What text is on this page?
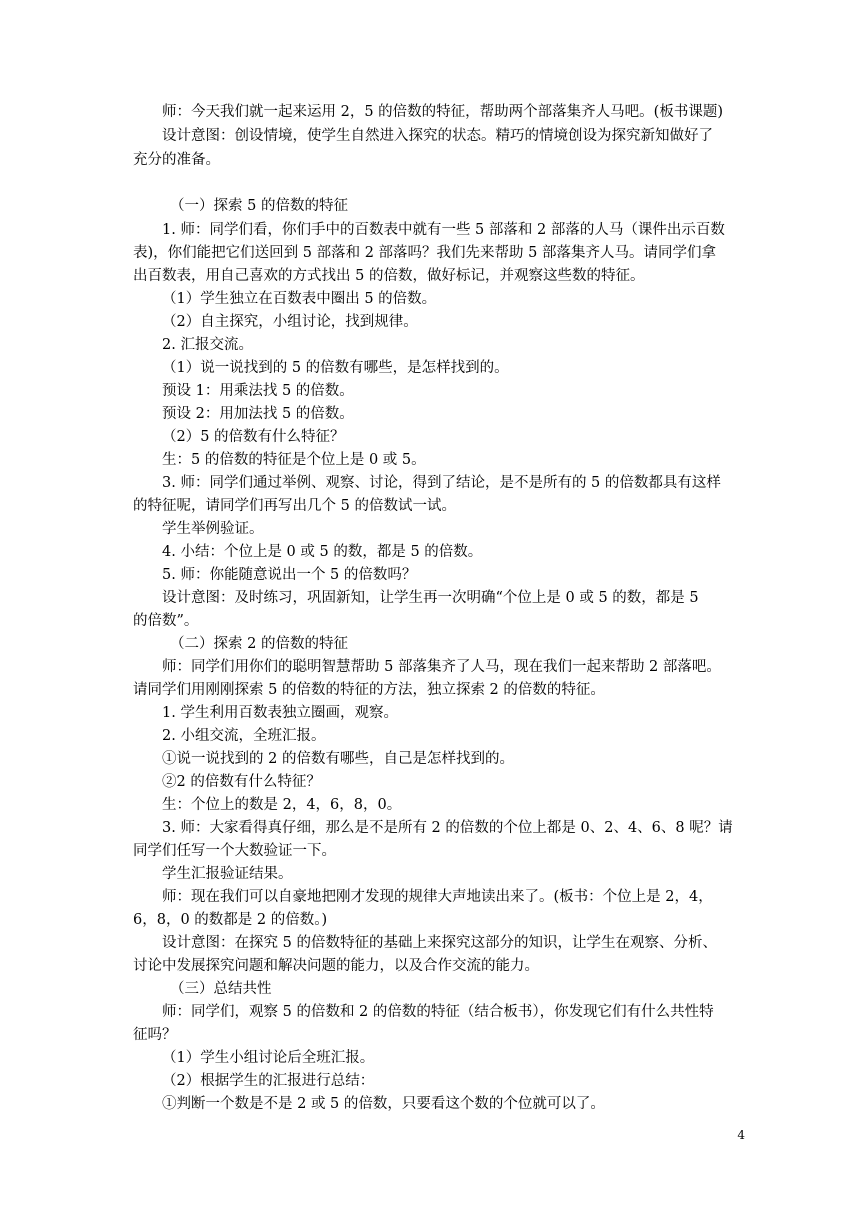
师：今天我们就一起来运用 2，5 的倍数的特征，帮助两个部落集齐人马吧。(板书课题)
设计意图：创设情境，使学生自然进入探究的状态。精巧的情境创设为探究新知做好了
充分的准备。
（一）探索 5 的倍数的特征
1. 师：同学们看，你们手中的百数表中就有一些 5 部落和 2 部落的人马（课件出示百数
表)，你们能把它们送回到 5 部落和 2 部落吗？我们先来帮助 5 部落集齐人马。请同学们拿
出百数表，用自己喜欢的方式找出 5 的倍数，做好标记，并观察这些数的特征。
（1）学生独立在百数表中圈出 5 的倍数。
（2）自主探究，小组讨论，找到规律。
2. 汇报交流。
（1）说一说找到的 5 的倍数有哪些，是怎样找到的。
预设 1：用乘法找 5 的倍数。
预设 2：用加法找 5 的倍数。
（2）5 的倍数有什么特征？
生：5 的倍数的特征是个位上是 0 或 5。
3. 师：同学们通过举例、观察、讨论，得到了结论，是不是所有的 5 的倍数都具有这样
的特征呢，请同学们再写出几个 5 的倍数试一试。
学生举例验证。
4. 小结：个位上是 0 或 5 的数，都是 5 的倍数。
5. 师：你能随意说出一个 5 的倍数吗？
设计意图：及时练习，巩固新知，让学生再一次明确“个位上是 0 或 5 的数，都是 5
的倍数”。
（二）探索 2 的倍数的特征
师：同学们用你们的聪明智慧帮助 5 部落集齐了人马，现在我们一起来帮助 2 部落吧。
请同学们用刚刚探索 5 的倍数的特征的方法，独立探索 2 的倍数的特征。
1. 学生利用百数表独立圈画，观察。
2. 小组交流，全班汇报。
①说一说找到的 2 的倍数有哪些，自己是怎样找到的。
②2 的倍数有什么特征？
生：个位上的数是 2，4，6，8，0。
3. 师：大家看得真仔细，那么是不是所有 2 的倍数的个位上都是 0、2、4、6、8 呢？请
同学们任写一个大数验证一下。
学生汇报验证结果。
师：现在我们可以自豪地把刚才发现的规律大声地读出来了。(板书：个位上是 2，4，
6，8，0 的数都是 2 的倍数。)
设计意图：在探究 5 的倍数特征的基础上来探究这部分的知识，让学生在观察、分析、
讨论中发展探究问题和解决问题的能力，以及合作交流的能力。
（三）总结共性
师：同学们，观察 5 的倍数和 2 的倍数的特征（结合板书），你发现它们有什么共性特
征吗？
（1）学生小组讨论后全班汇报。
（2）根据学生的汇报进行总结：
①判断一个数是不是 2 或 5 的倍数，只要看这个数的个位就可以了。
4
